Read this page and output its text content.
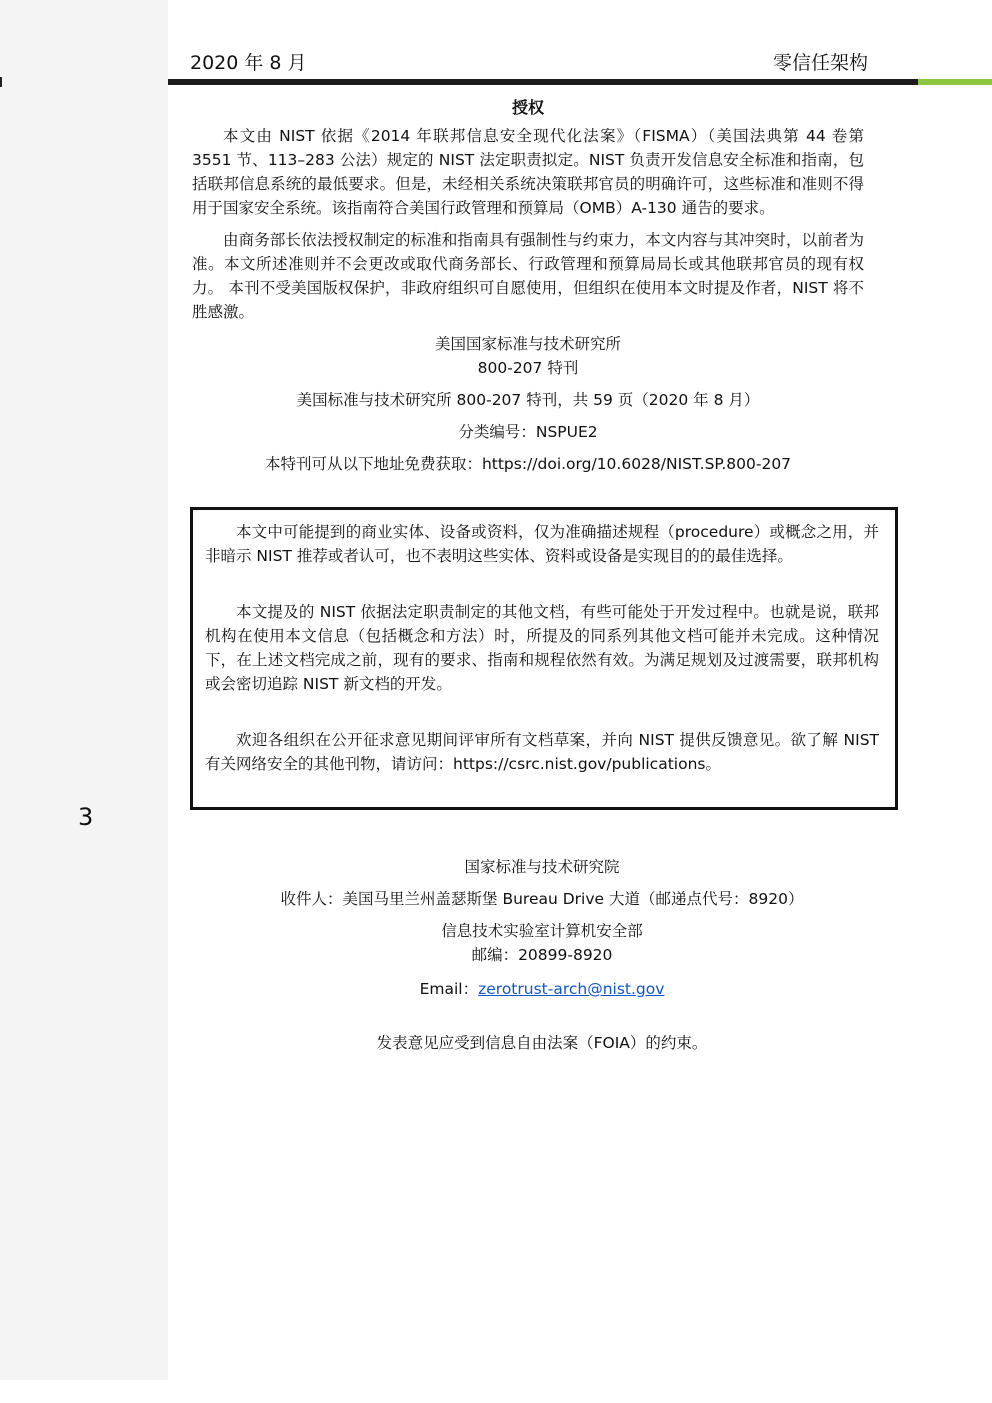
3
2020 年 8 月	零信任架构

授权

本文由 NIST 依据《2014 年联邦信息安全现代化法案》（FISMA）（美国法典第 44 卷第 3551 节、113–283 公法）规定的 NIST 法定职责拟定。NIST 负责开发信息安全标准和指南，包括联邦信息系统的最低要求。但是，未经相关系统决策联邦官员的明确许可，这些标准和准则不得用于国家安全系统。该指南符合美国行政管理和预算局（OMB）A-130 通告的要求。

由商务部长依法授权制定的标准和指南具有强制性与约束力，本文内容与其冲突时，以前者为准。本文所述准则并不会更改或取代商务部长、行政管理和预算局局长或其他联邦官员的现有权力。 本刊不受美国版权保护，非政府组织可自愿使用，但组织在使用本文时提及作者，NIST 将不胜感激。

美国国家标准与技术研究所

800-207 特刊

美国标准与技术研究所 800-207 特刊，共 59 页（2020 年 8 月）

分类编号：NSPUE2

本特刊可从以下地址免费获取：https://doi.org/10.6028/NIST.SP.800-207

本文中可能提到的商业实体、设备或资料，仅为准确描述规程（procedure）或概念之用，并非暗示 NIST 推荐或者认可，也不表明这些实体、资料或设备是实现目的的最佳选择。

本文提及的 NIST 依据法定职责制定的其他文档，有些可能处于开发过程中。也就是说，联邦机构在使用本文信息（包括概念和方法）时，所提及的同系列其他文档可能并未完成。这种情况下，在上述文档完成之前，现有的要求、指南和规程依然有效。为满足规划及过渡需要，联邦机构或会密切追踪 NIST 新文档的开发。

欢迎各组织在公开征求意见期间评审所有文档草案，并向 NIST 提供反馈意见。欲了解 NIST 有关网络安全的其他刊物，请访问：https://csrc.nist.gov/publications。

国家标准与技术研究院

收件人：美国马里兰州盖瑟斯堡 Bureau Drive 大道（邮递点代号：8920）

信息技术实验室计算机安全部

邮编：20899-8920

Email：zerotrust-arch@nist.gov

发表意见应受到信息自由法案（FOIA）的约束。
